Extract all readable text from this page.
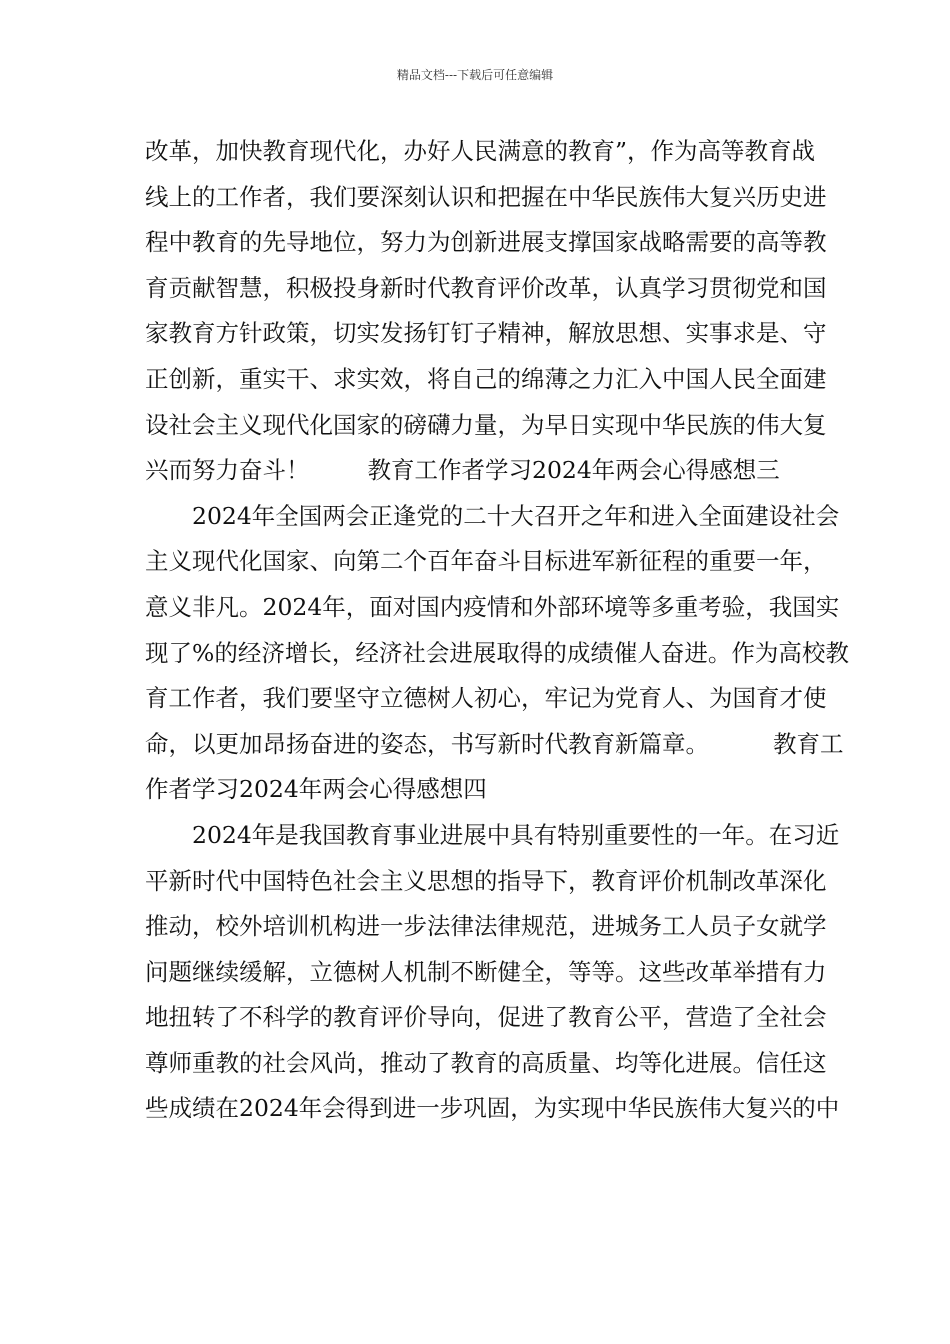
精品文档---下载后可任意编辑
改革，加快教育现代化，办好人民满意的教育”，作为高等教育战
线上的工作者，我们要深刻认识和把握在中华民族伟大复兴历史进
程中教育的先导地位，努力为创新进展支撑国家战略需要的高等教
育贡献智慧，积极投身新时代教育评价改革，认真学习贯彻党和国
家教育方针政策，切实发扬钉钉子精神，解放思想、实事求是、守
正创新，重实干、求实效，将自己的绵薄之力汇入中国人民全面建
设社会主义现代化国家的磅礴力量，为早日实现中华民族的伟大复
兴而努力奋斗！ 教育工作者学习2024年两会心得感想三
2024年全国两会正逢党的二十大召开之年和进入全面建设社会
主义现代化国家、向第二个百年奋斗目标进军新征程的重要一年，
意义非凡。2024年，面对国内疫情和外部环境等多重考验，我国实
现了%的经济增长，经济社会进展取得的成绩催人奋进。作为高校教
育工作者，我们要坚守立德树人初心，牢记为党育人、为国育才使
命，以更加昂扬奋进的姿态，书写新时代教育新篇章。	教育工
作者学习2024年两会心得感想四
2024年是我国教育事业进展中具有特别重要性的一年。在习近
平新时代中国特色社会主义思想的指导下，教育评价机制改革深化
推动，校外培训机构进一步法律法律规范，进城务工人员子女就学
问题继续缓解，立德树人机制不断健全，等等。这些改革举措有力
地扭转了不科学的教育评价导向，促进了教育公平，营造了全社会
尊师重教的社会风尚，推动了教育的高质量、均等化进展。信任这
些成绩在2024年会得到进一步巩固，为实现中华民族伟大复兴的中
